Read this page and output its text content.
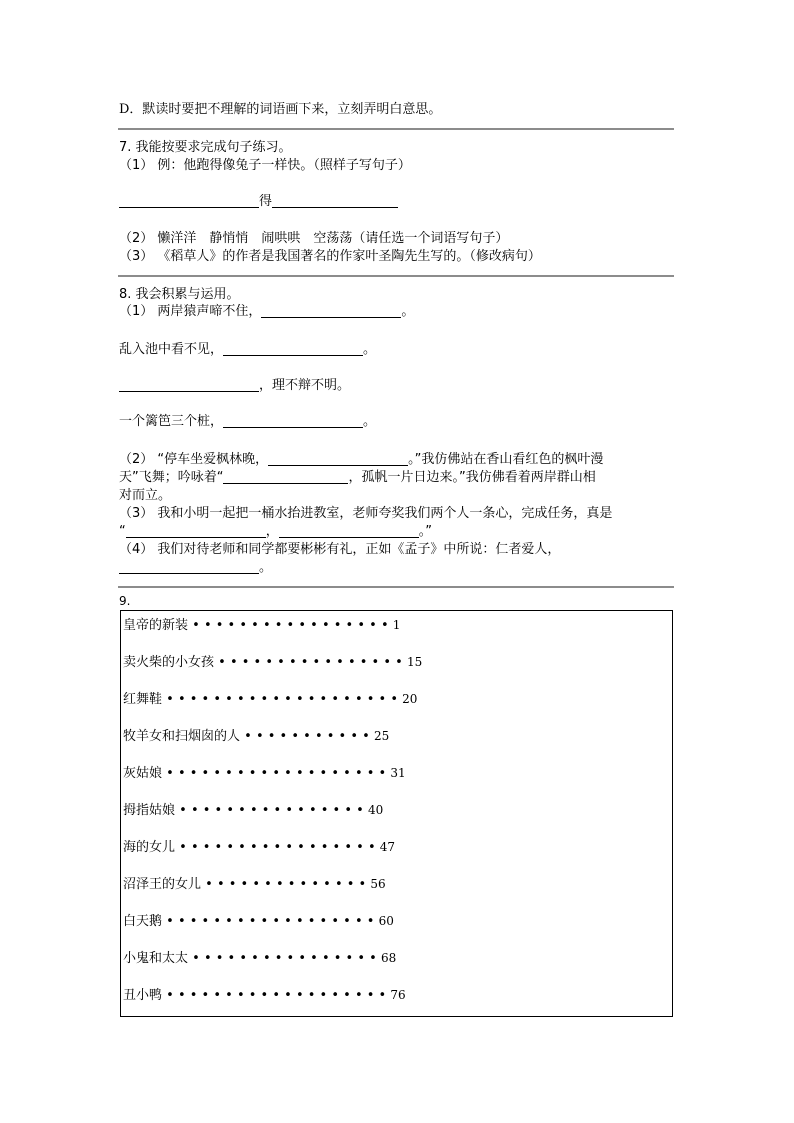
D．默读时要把不理解的词语画下来，立刻弄明白意思。
7. 我能按要求完成句子练习。
（1） 例：他跑得像兔子一样快。（照样子写句子）
得
（2） 懒洋洋　静悄悄　闹哄哄　空荡荡（请任选一个词语写句子）
（3） 《稻草人》的作者是我国著名的作家叶圣陶先生写的。（修改病句）
8. 我会积累与运用。
（1） 两岸猿声啼不住，	。
乱入池中看不见，	。
，理不辩不明。
一个篱笆三个桩，	。
（2） “停车坐爱枫林晚，	。”我仿佛站在香山看红色的枫叶漫
天”飞舞；吟咏着“	，孤帆一片日边来。”我仿佛看着两岸群山相
对而立。
（3） 我和小明一起把一桶水抬进教室，老师夸奖我们两个人一条心，完成任务，真是
“	，	。”
（4） 我们对待老师和同学都要彬彬有礼，正如《孟子》中所说：仁者爱人，
。
9.
皇帝的新装 • • • • • • • • • • • • • • • • • 1
卖火柴的小女孩 • • • • • • • • • • • • • • • • 15
红舞鞋 • • • • • • • • • • • • • • • • • • • • 20
牧羊女和扫烟囱的人 • • • • • • • • • • • 25
灰姑娘 • • • • • • • • • • • • • • • • • • • 31
拇指姑娘 • • • • • • • • • • • • • • • • 40
海的女儿 • • • • • • • • • • • • • • • • • 47
沼泽王的女儿 • • • • • • • • • • • • • • 56
白天鹅 • • • • • • • • • • • • • • • • • • 60
小鬼和太太 • • • • • • • • • • • • • • • • 68
丑小鸭 • • • • • • • • • • • • • • • • • • • 76
